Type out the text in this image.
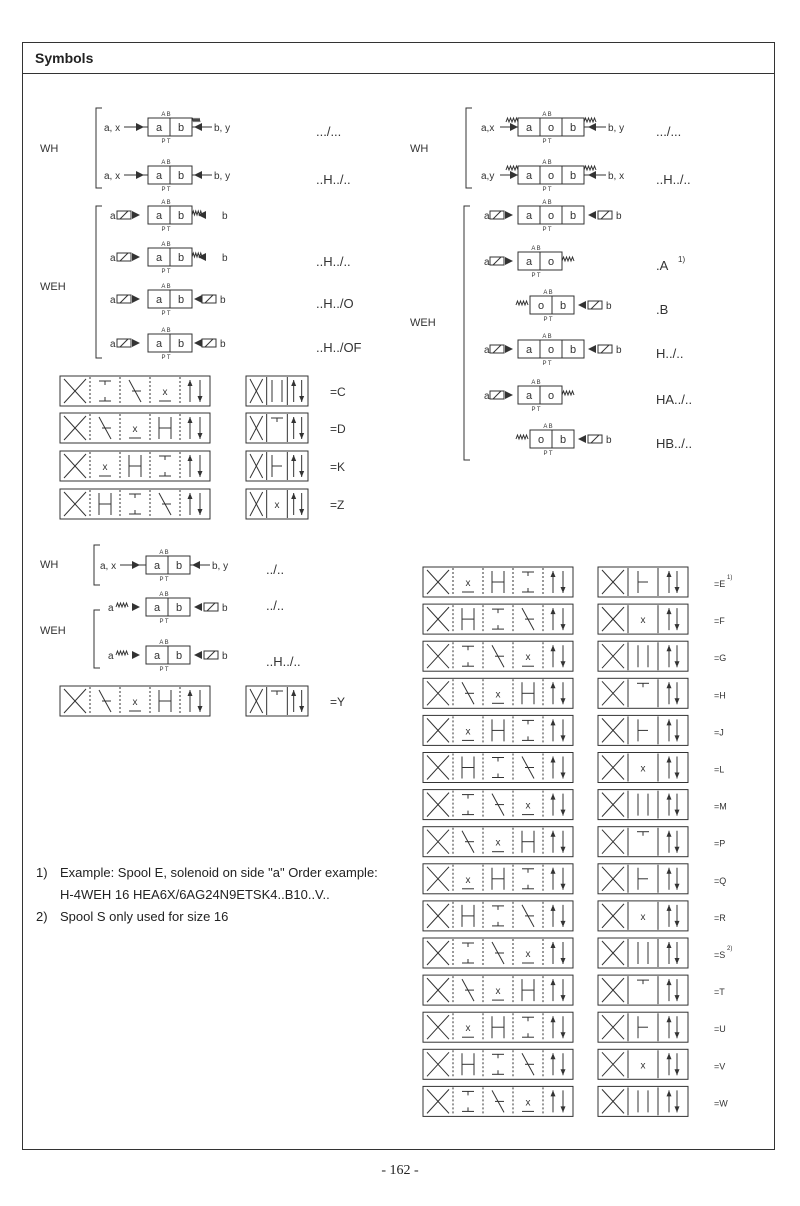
Symbols
WH
a, x	a b
A B
P T
b, y	.../...
a, x	a b
A B
P T
b, y	..H../..
WEH
a	a b
A B
P T
b
a	a b
A B
P T
b	..H../..
a	a b
A B
P T
b	..H../O
a	a b
A B
P T
b	..H../OF
WH
a,x	a o b
A B
P T
b, y .../...
a,y	a o b
A B
P T
b, x ..H../..
WEH
a	a o b
A B
P T
b
a	a o
A B
P T
.A 1)
o b
A B
P T
b	.B
a	a o b
A B
P T
b	H../..
a	a o
A B
P T
HA../..
o b
A B
P T
b	HB../..
x	=C
x	=D
x	=K
x	=Z
WH	a, x	a b
A B
P T
b, y	../..
WEH
a	a b
A B
P T
b	../..
a	a b
A B
P T
b	..H../..
x	=Y
x	=E
1)
x	=F
x	=G
x	=H
x	=J
x	=L
x	=M
x	=P
x	=Q
x	=R
x	=S
2)
x	=T
x	=U
x	=V
x	=W
1) Example: Spool E, solenoid on side "a" Order example:
H-4WEH 16 HEA6X/6AG24N9ETSK4..B10..V..
2) Spool S only used for size 16
- 162 -
